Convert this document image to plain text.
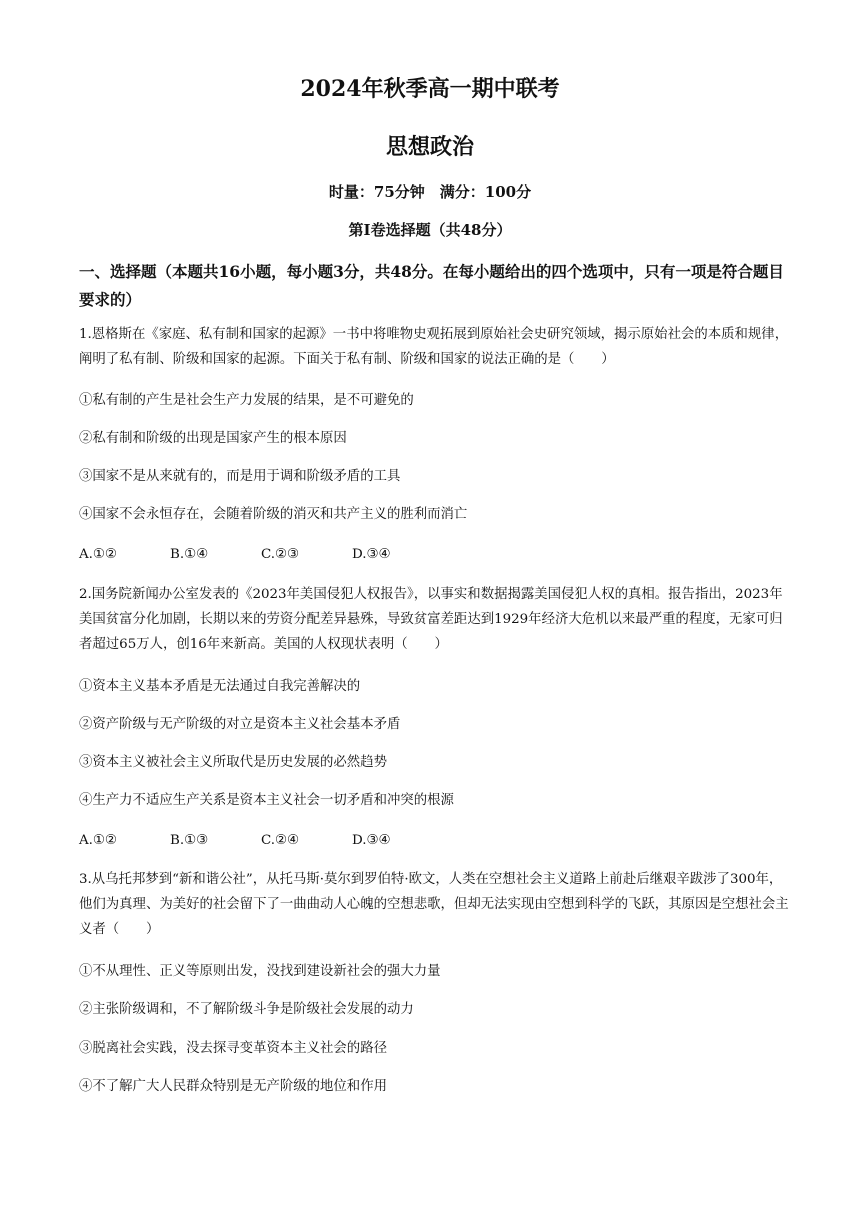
2024年秋季高一期中联考
思想政治
时量：75分钟　满分：100分
第Ⅰ卷选择题（共48分）
一、选择题（本题共16小题，每小题3分，共48分。在每小题给出的四个选项中，只有一项是符合题目要求的）
1.恩格斯在《家庭、私有制和国家的起源》一书中将唯物史观拓展到原始社会史研究领域，揭示原始社会的本质和规律，阐明了私有制、阶级和国家的起源。下面关于私有制、阶级和国家的说法正确的是（　　）
①私有制的产生是社会生产力发展的结果，是不可避免的
②私有制和阶级的出现是国家产生的根本原因
③国家不是从来就有的，而是用于调和阶级矛盾的工具
④国家不会永恒存在，会随着阶级的消灭和共产主义的胜利而消亡
A.①②	B.①④	C.②③	D.③④
2.国务院新闻办公室发表的《2023年美国侵犯人权报告》，以事实和数据揭露美国侵犯人权的真相。报告指出，2023年美国贫富分化加剧，长期以来的劳资分配差异悬殊，导致贫富差距达到1929年经济大危机以来最严重的程度，无家可归者超过65万人，创16年来新高。美国的人权现状表明（　　）
①资本主义基本矛盾是无法通过自我完善解决的
②资产阶级与无产阶级的对立是资本主义社会基本矛盾
③资本主义被社会主义所取代是历史发展的必然趋势
④生产力不适应生产关系是资本主义社会一切矛盾和冲突的根源
A.①②	B.①③	C.②④	D.③④
3.从乌托邦梦到“新和谐公社”，从托马斯·莫尔到罗伯特·欧文，人类在空想社会主义道路上前赴后继艰辛跋涉了300年，他们为真理、为美好的社会留下了一曲曲动人心魄的空想悲歌，但却无法实现由空想到科学的飞跃，其原因是空想社会主义者（　　）
①不从理性、正义等原则出发，没找到建设新社会的强大力量
②主张阶级调和，不了解阶级斗争是阶级社会发展的动力
③脱离社会实践，没去探寻变革资本主义社会的路径
④不了解广大人民群众特别是无产阶级的地位和作用
